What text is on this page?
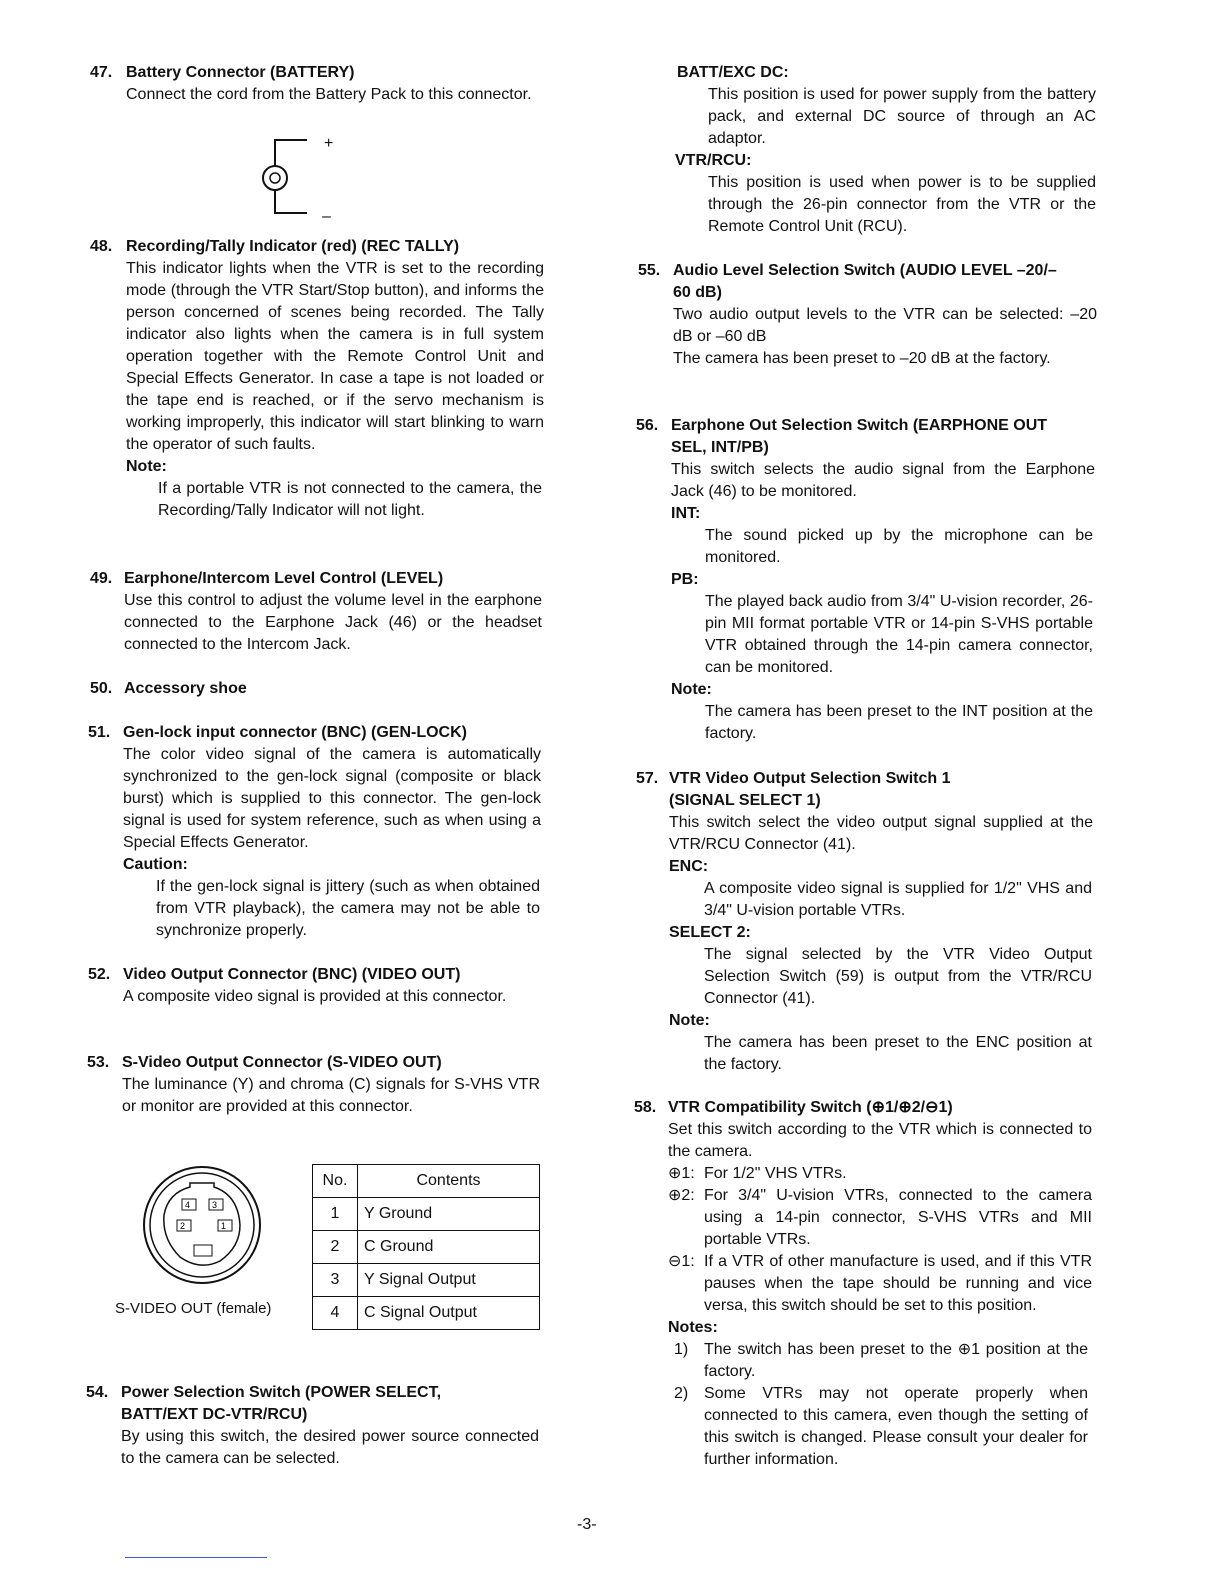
47. Battery Connector (BATTERY)
Connect the cord from the Battery Pack to this connector.
+
–
48. Recording/Tally Indicator (red) (REC TALLY)
This indicator lights when the VTR is set to the recording mode (through the VTR Start/Stop button), and informs the person concerned of scenes being recorded. The Tally indicator also lights when the camera is in full system operation together with the Remote Control Unit and Special Effects Generator. In case a tape is not loaded or the tape end is reached, or if the servo mechanism is working improperly, this indicator will start blinking to warn the operator of such faults.
Note:
If a portable VTR is not connected to the camera, the Recording/Tally Indicator will not light.
49. Earphone/Intercom Level Control (LEVEL)
Use this control to adjust the volume level in the earphone connected to the Earphone Jack (46) or the headset connected to the Intercom Jack.
50. Accessory shoe
51. Gen-lock input connector (BNC) (GEN-LOCK)
The color video signal of the camera is automatically synchronized to the gen-lock signal (composite or black burst) which is supplied to this connector. The gen-lock signal is used for system reference, such as when using a Special Effects Generator.
Caution:
If the gen-lock signal is jittery (such as when obtained from VTR playback), the camera may not be able to synchronize properly.
52. Video Output Connector (BNC) (VIDEO OUT)
A composite video signal is provided at this connector.
53. S-Video Output Connector (S-VIDEO OUT)
The luminance (Y) and chroma (C) signals for S-VHS VTR or monitor are provided at this connector.
4 3
2	1
S-VIDEO OUT (female)
No.	Contents
1	Y Ground
2	C Ground
3	Y Signal Output
4	C Signal Output
54. Power Selection Switch (POWER SELECT, BATT/EXT DC-VTR/RCU)
By using this switch, the desired power source connected to the camera can be selected.
BATT/EXC DC:
This position is used for power supply from the battery pack, and external DC source of through an AC adaptor.
VTR/RCU:
This position is used when power is to be supplied through the 26-pin connector from the VTR or the Remote Control Unit (RCU).
55. Audio Level Selection Switch (AUDIO LEVEL –20/–60 dB)
Two audio output levels to the VTR can be selected: –20 dB or –60 dB
The camera has been preset to –20 dB at the factory.
56. Earphone Out Selection Switch (EARPHONE OUT SEL, INT/PB)
This switch selects the audio signal from the Earphone Jack (46) to be monitored.
INT:
The sound picked up by the microphone can be monitored.
PB:
The played back audio from 3/4" U-vision recorder, 26-pin MII format portable VTR or 14-pin S-VHS portable VTR obtained through the 14-pin camera connector, can be monitored.
Note:
The camera has been preset to the INT position at the factory.
57. VTR Video Output Selection Switch 1 (SIGNAL SELECT 1)
This switch select the video output signal supplied at the VTR/RCU Connector (41).
ENC:
A composite video signal is supplied for 1/2" VHS and 3/4" U-vision portable VTRs.
SELECT 2:
The signal selected by the VTR Video Output Selection Switch (59) is output from the VTR/RCU Connector (41).
Note:
The camera has been preset to the ENC position at the factory.
58. VTR Compatibility Switch (⊕1/⊕2/⊖1)
Set this switch according to the VTR which is connected to the camera.
⊕1: For 1/2" VHS VTRs.
⊕2: For 3/4" U-vision VTRs, connected to the camera using a 14-pin connector, S-VHS VTRs and MII portable VTRs.
⊖1: If a VTR of other manufacture is used, and if this VTR pauses when the tape should be running and vice versa, this switch should be set to this position.
Notes:
1) The switch has been preset to the ⊕1 position at the factory.
2) Some VTRs may not operate properly when connected to this camera, even though the setting of this switch is changed. Please consult your dealer for further information.
-3-
